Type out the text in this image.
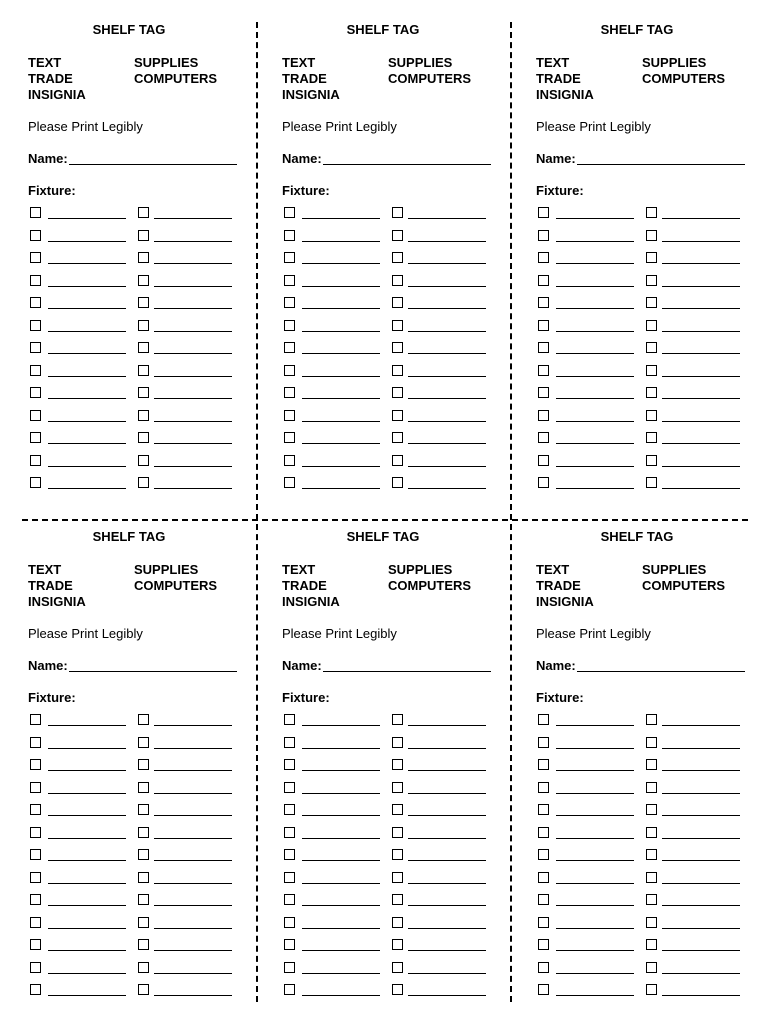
SHELF TAG
TEXT
TRADE
INSIGNIA
SUPPLIES
COMPUTERS
Please Print Legibly
Name:
Fixture:
SHELF TAG
TEXT
TRADE
INSIGNIA
SUPPLIES
COMPUTERS
Please Print Legibly
Name:
Fixture:
SHELF TAG
TEXT
TRADE
INSIGNIA
SUPPLIES
COMPUTERS
Please Print Legibly
Name:
Fixture:
SHELF TAG
TEXT
TRADE
INSIGNIA
SUPPLIES
COMPUTERS
Please Print Legibly
Name:
Fixture:
SHELF TAG
TEXT
TRADE
INSIGNIA
SUPPLIES
COMPUTERS
Please Print Legibly
Name:
Fixture:
SHELF TAG
TEXT
TRADE
INSIGNIA
SUPPLIES
COMPUTERS
Please Print Legibly
Name:
Fixture:
